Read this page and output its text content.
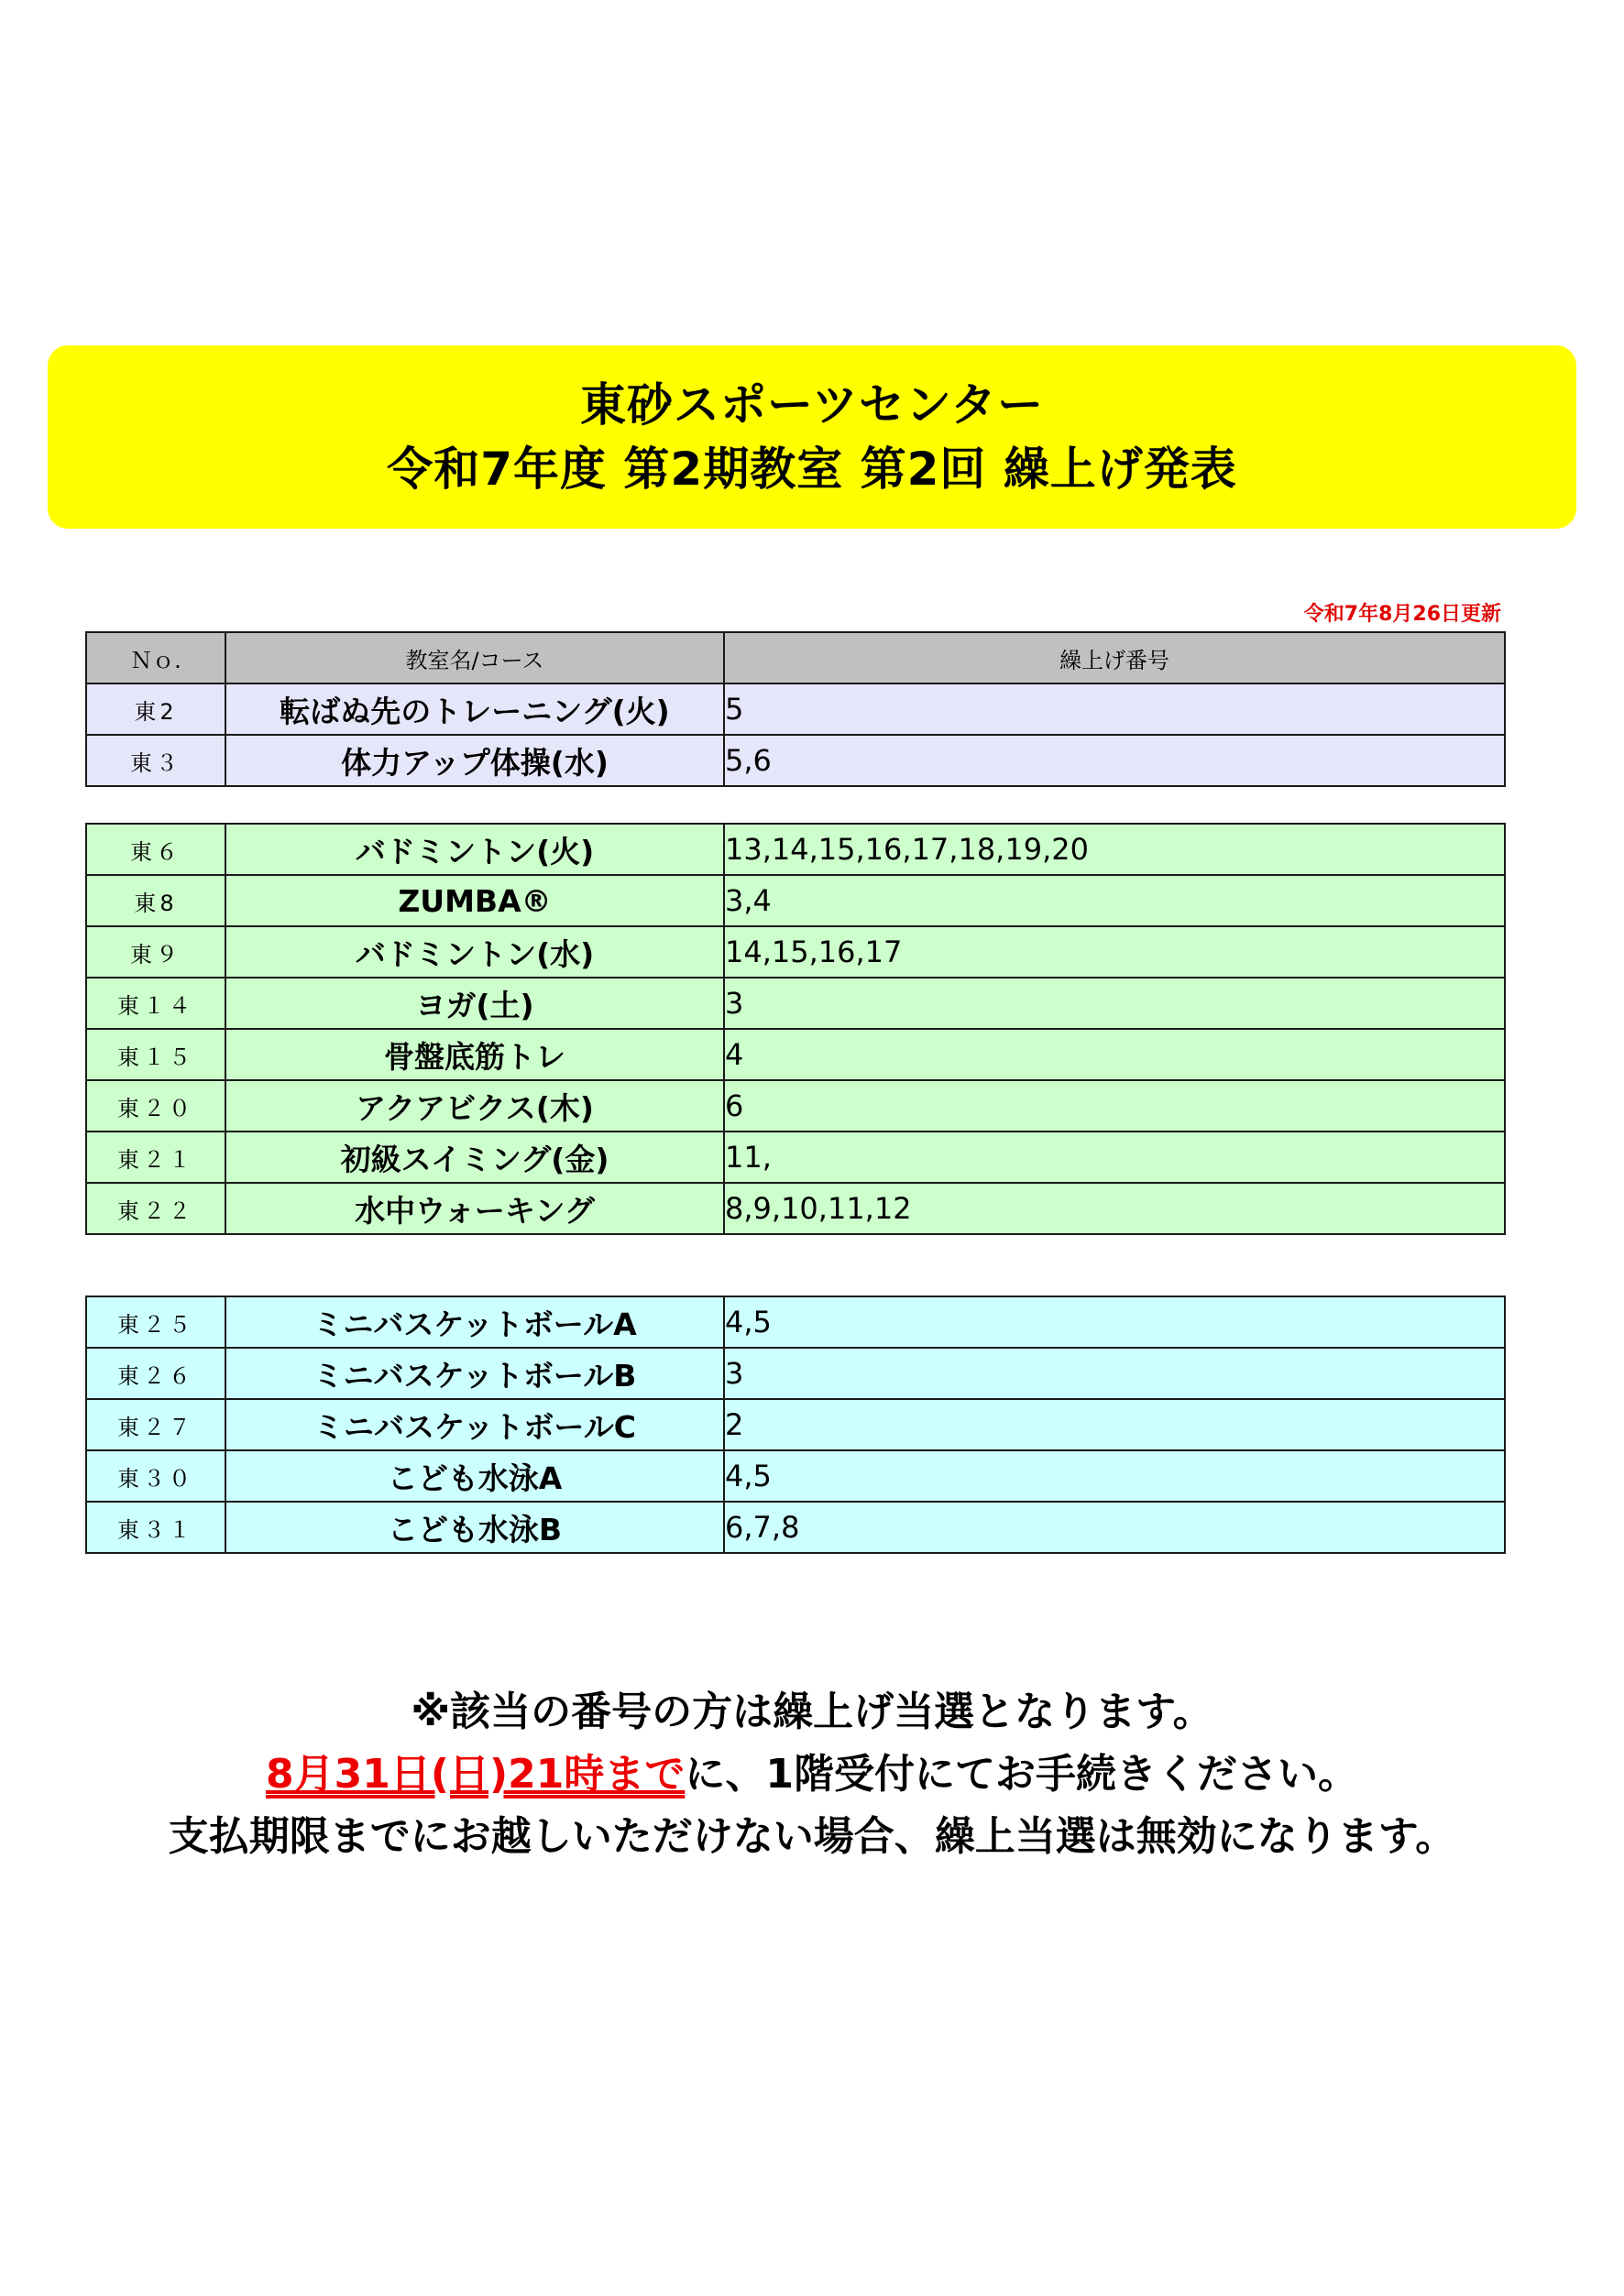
東砂スポーツセンター
令和7年度 第2期教室 第2回 繰上げ発表
令和7年8月26日更新
Ｎｏ.	教室名/コース	繰上げ番号
東2	転ばぬ先のトレーニング(火)	5
東３	体力アップ体操(水)	5,6
東６	バドミントン(火)	13,14,15,16,17,18,19,20
東8	ZUMBA®	3,4
東９	バドミントン(水)	14,15,16,17
東１４	ヨガ(土)	3
東１５	骨盤底筋トレ	4
東２０	アクアビクス(木)	6
東２１	初級スイミング(金)	11,
東２２	水中ウォーキング	8,9,10,11,12
東２５	ミニバスケットボールA	4,5
東２６	ミニバスケットボールB	3
東２７	ミニバスケットボールC	2
東３０	こども水泳A	4,5
東３１	こども水泳B	6,7,8
※該当の番号の方は繰上げ当選となります。
8月31日(日)21時までに、1階受付にてお手続きください。
支払期限までにお越しいただけない場合、繰上当選は無効になります。
